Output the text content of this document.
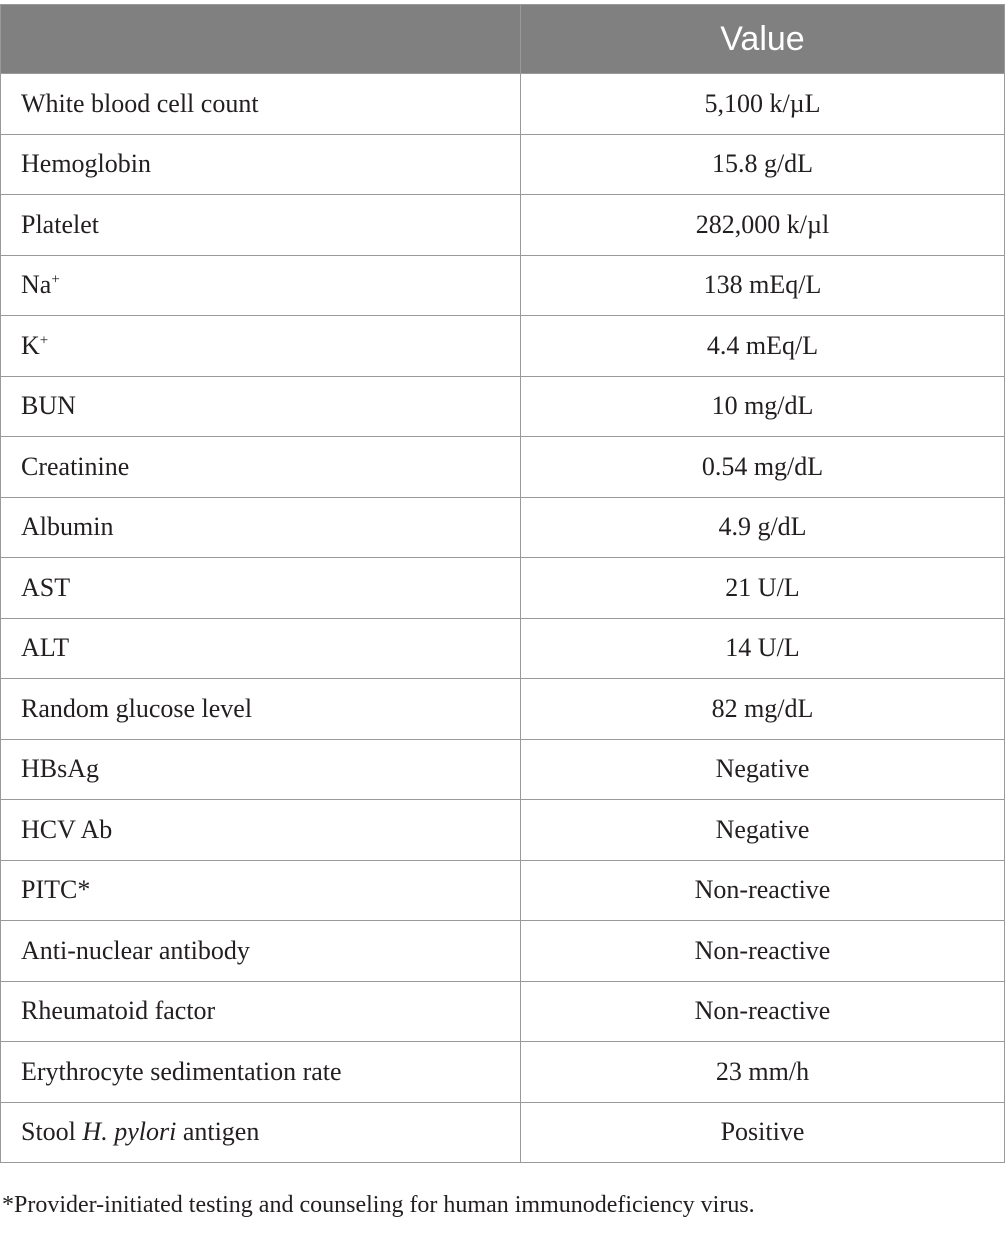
	Value
White blood cell count	5,100 k/µL
Hemoglobin	15.8 g/dL
Platelet	282,000 k/µl
Na+	138 mEq/L
K+	4.4 mEq/L
BUN	10 mg/dL
Creatinine	0.54 mg/dL
Albumin	4.9 g/dL
AST	21 U/L
ALT	14 U/L
Random glucose level	82 mg/dL
HBsAg	Negative
HCV Ab	Negative
PITC*	Non-reactive
Anti-nuclear antibody	Non-reactive
Rheumatoid factor	Non-reactive
Erythrocyte sedimentation rate	23 mm/h
Stool H. pylori antigen	Positive
*Provider-initiated testing and counseling for human immunodeficiency virus.
